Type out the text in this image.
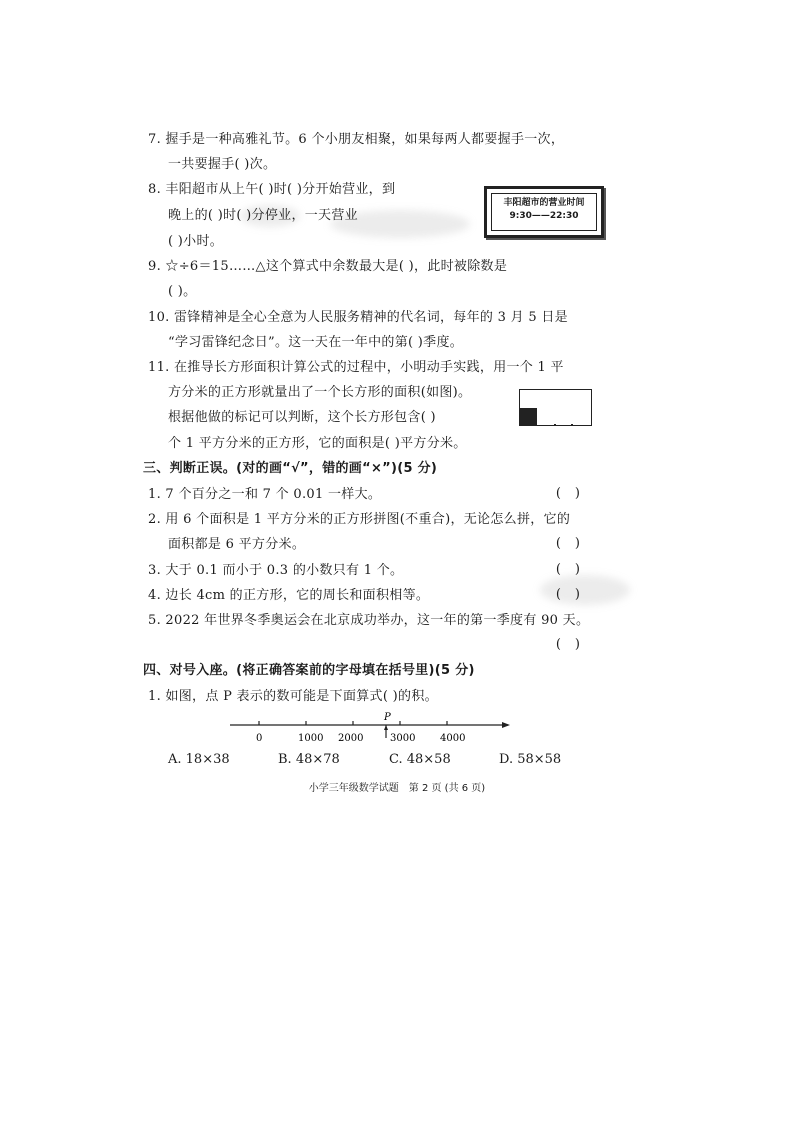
7. 握手是一种高雅礼节。6 个小朋友相聚，如果每两人都要握手一次，
一共要握手( )次。
8. 丰阳超市从上午( )时( )分开始营业，到
晚上的( )时( )分停业，一天营业
( )小时。
丰阳超市的营业时间
9:30——22:30
9. ☆÷6＝15……△这个算式中余数最大是( )，此时被除数是
( )。
10. 雷锋精神是全心全意为人民服务精神的代名词，每年的 3 月 5 日是
“学习雷锋纪念日”。这一天在一年中的第( )季度。
11. 在推导长方形面积计算公式的过程中，小明动手实践，用一个 1 平
方分米的正方形就量出了一个长方形的面积(如图)。
根据他做的标记可以判断，这个长方形包含( )
个 1 平方分米的正方形，它的面积是( )平方分米。
三、判断正误。(对的画“√”，错的画“×”)(5 分)
1. 7 个百分之一和 7 个 0.01 一样大。	()
2. 用 6 个面积是 1 平方分米的正方形拼图(不重合)，无论怎么拼，它的
面积都是 6 平方分米。	()
3. 大于 0.1 而小于 0.3 的小数只有 1 个。	()
4. 边长 4cm 的正方形，它的周长和面积相等。	()
5. 2022 年世界冬季奥运会在北京成功举办，这一年的第一季度有 90 天。
()
四、对号入座。(将正确答案前的字母填在括号里)(5 分)
1. 如图，点 P 表示的数可能是下面算式( )的积。
P
0	1000 2000	3000 4000
A. 18×38	B. 48×78	C. 48×58	D. 58×58
小学三年级数学试题　第 2 页 (共 6 页)
